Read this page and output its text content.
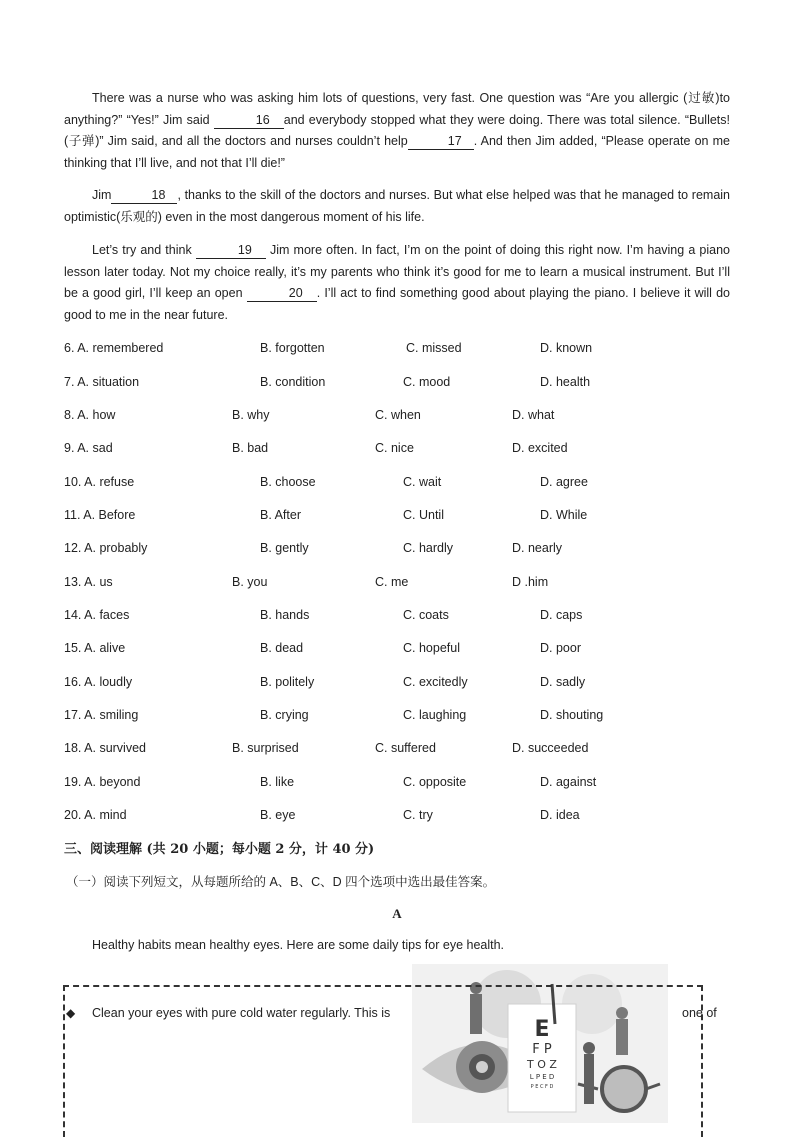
There was a nurse who was asking him lots of questions, very fast. One question was “Are you allergic (过敏)to anything?” “Yes!” Jim said	16 and everybody stopped what they were doing. There was total silence. “Bullets!(子弹)” Jim said, and all the doctors and nurses couldn’t help	17 . And then Jim added, “Please operate on me thinking that I’ll live, and not that I’ll die!”

Jim	18 , thanks to the skill of the doctors and nurses. But what else helped was that he managed to remain optimistic(乐观的) even in the most dangerous moment of his life.

Let’s try and think	19 Jim more often. In fact, I’m on the point of doing this right now. I’m having a piano lesson later today. Not my choice really, it’s my parents who think it’s good for me to learn a musical instrument. But I’ll be a good girl, I’ll keep an open	20 . I’ll act to find something good about playing the piano. I believe it will do good to me in the near future.

6. A. remembered	B. forgotten	C. missed	D. known
7. A. situation	B. condition	C. mood	D. health
8. A. how	B. why	C. when	D. what
9. A. sad	B. bad	C. nice	D. excited
10. A. refuse	B. choose	C. wait	D. agree
11. A. Before	B. After	C. Until	D. While
12. A. probably	B. gently	C. hardly	D. nearly
13. A. us	B. you	C. me	D .him
14. A. faces	B. hands	C. coats	D. caps
15. A. alive	B. dead	C. hopeful	D. poor
16. A. loudly	B. politely	C. excitedly	D. sadly
17. A. smiling	B. crying	C. laughing	D. shouting
18. A. survived	B. surprised	C. suffered	D. succeeded
19. A. beyond	B. like	C. opposite	D. against
20. A. mind	B. eye	C. try	D. idea
三、阅读理解 (共 20 小题；每小题 2 分，计 40 分)
（一）阅读下列短文，从每题所给的 A、B、C、D 四个选项中选出最佳答案。
A
Healthy habits mean healthy eyes. Here are some daily tips for eye health.
E
F P
T O Z
L P E D
P E C F D
◆ Clean your eyes with pure cold water regularly. This is	one of
